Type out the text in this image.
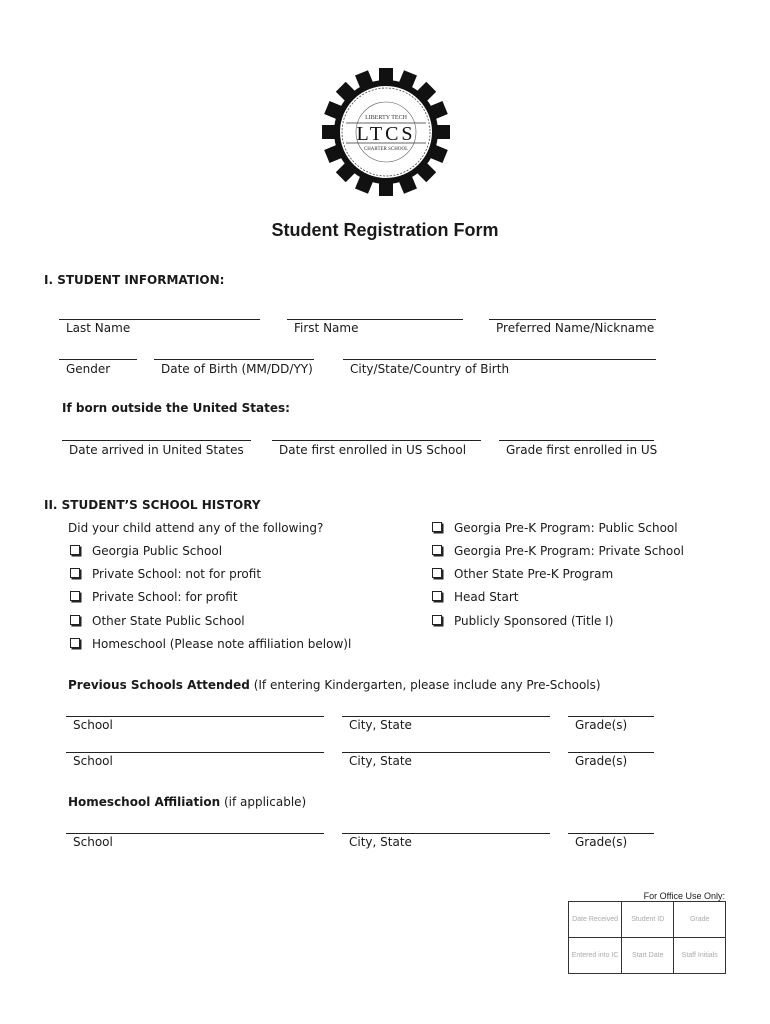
LIBERTY TECH
LTCS
CHARTER SCHOOL
Student Registration Form
I. STUDENT INFORMATION:
Last Name	First Name	Preferred Name/Nickname
Gender	Date of Birth (MM/DD/YY)	City/State/Country of Birth
If born outside the United States:
Date arrived in United States	Date first enrolled in US School	Grade first enrolled in US
II. STUDENT’S SCHOOL HISTORY
Did your child attend any of the following?
Georgia Public School
Private School: not for profit
Private School: for profit
Other State Public School
Homeschool (Please note affiliation below)l
Georgia Pre-K Program: Public School
Georgia Pre-K Program: Private School
Other State Pre-K Program
Head Start
Publicly Sponsored (Title I)
Previous Schools Attended (If entering Kindergarten, please include any Pre-Schools)
School	City, State	Grade(s)
School	City, State	Grade(s)
Homeschool Affiliation (if applicable)
School	City, State	Grade(s)
For Office Use Only:
Date Received	Student ID	Grade
Entered into IC	Start Date	Staff Initials
